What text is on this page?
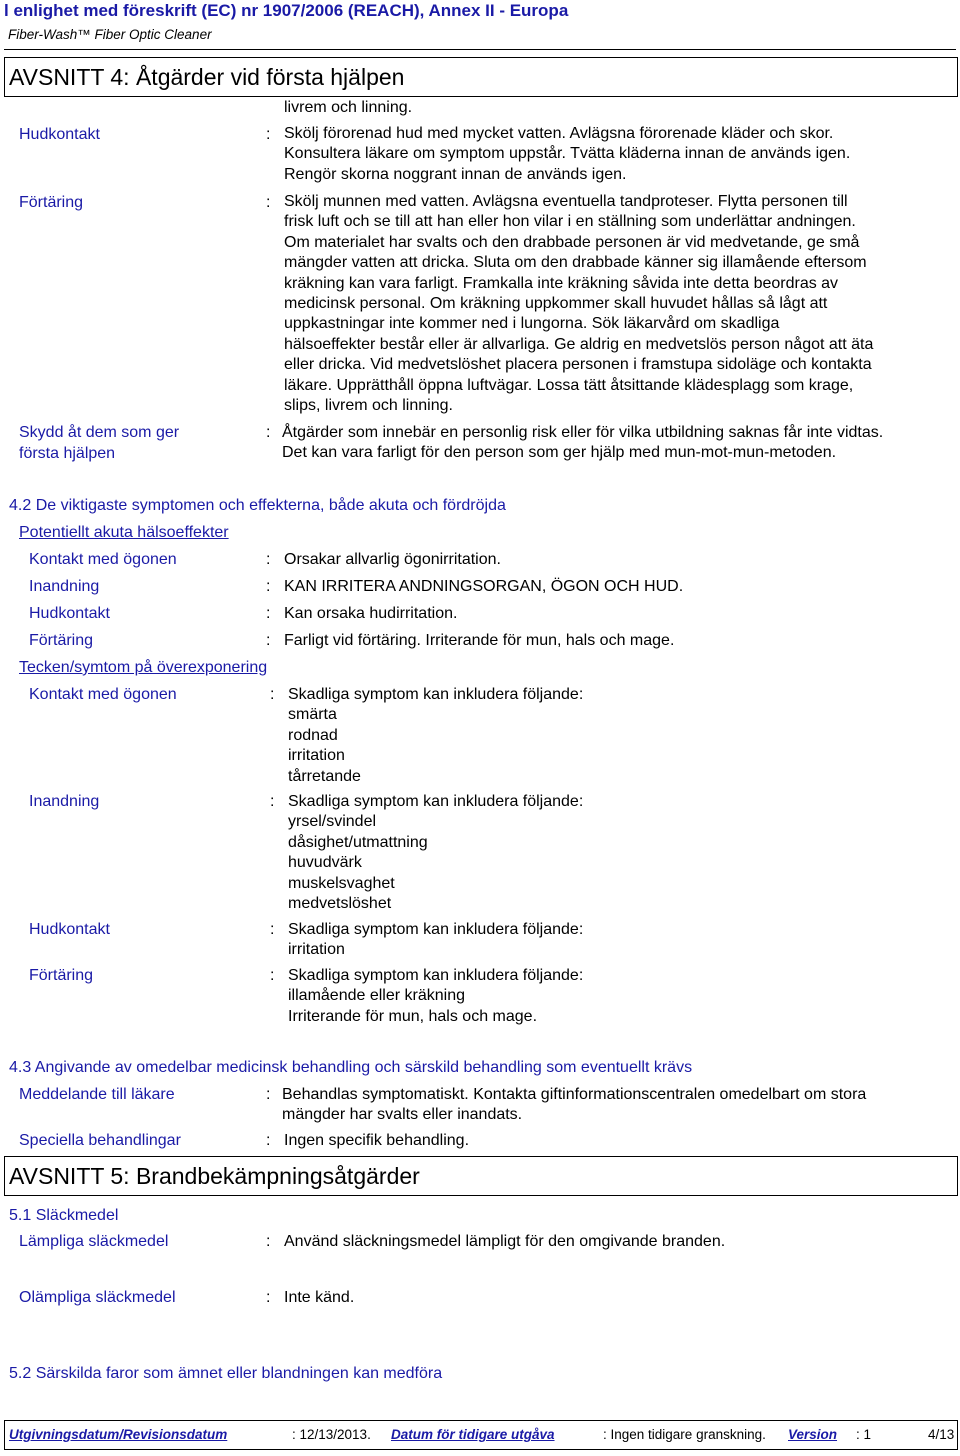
l enlighet med föreskrift (EC) nr 1907/2006 (REACH), Annex II - Europa
Fiber-Wash™ Fiber Optic Cleaner
AVSNITT 4: Åtgärder vid första hjälpen
livrem och linning.
Hudkontakt	: Skölj förorenad hud med mycket vatten. Avlägsna förorenade kläder och skor.
Konsultera läkare om symptom uppstår. Tvätta kläderna innan de används igen.
Rengör skorna noggrant innan de används igen.
Förtäring	: Skölj munnen med vatten. Avlägsna eventuella tandproteser. Flytta personen till
frisk luft och se till att han eller hon vilar i en ställning som underlättar andningen.
Om materialet har svalts och den drabbade personen är vid medvetande, ge små
mängder vatten att dricka. Sluta om den drabbade känner sig illamående eftersom
kräkning kan vara farligt. Framkalla inte kräkning såvida inte detta beordras av
medicinsk personal. Om kräkning uppkommer skall huvudet hållas så lågt att
uppkastningar inte kommer ned i lungorna. Sök läkarvård om skadliga
hälsoeffekter består eller är allvarliga. Ge aldrig en medvetslös person något att äta
eller dricka. Vid medvetslöshet placera personen i framstupa sidoläge och kontakta
läkare. Upprätthåll öppna luftvägar. Lossa tätt åtsittande klädesplagg som krage,
slips, livrem och linning.
Skydd åt dem som ger
första hjälpen
: Åtgärder som innebär en personlig risk eller för vilka utbildning saknas får inte vidtas.
Det kan vara farligt för den person som ger hjälp med mun-mot-mun-metoden.
4.2 De viktigaste symptomen och effekterna, både akuta och fördröjda
Potentiellt akuta hälsoeffekter
Kontakt med ögonen	: Orsakar allvarlig ögonirritation.
Inandning	: KAN IRRITERA ANDNINGSORGAN, ÖGON OCH HUD.
Hudkontakt	: Kan orsaka hudirritation.
Förtäring	: Farligt vid förtäring. Irriterande för mun, hals och mage.
Tecken/symtom på överexponering
Kontakt med ögonen	: Skadliga symptom kan inkludera följande:
smärta
rodnad
irritation
tårretande
Inandning	: Skadliga symptom kan inkludera följande:
yrsel/svindel
dåsighet/utmattning
huvudvärk
muskelsvaghet
medvetslöshet
Hudkontakt	: Skadliga symptom kan inkludera följande:
irritation
Förtäring	: Skadliga symptom kan inkludera följande:
illamående eller kräkning
Irriterande för mun, hals och mage.
4.3 Angivande av omedelbar medicinsk behandling och särskild behandling som eventuellt krävs
Meddelande till läkare	: Behandlas symptomatiskt. Kontakta giftinformationscentralen omedelbart om stora
mängder har svalts eller inandats.
Speciella behandlingar	: Ingen specifik behandling.
AVSNITT 5: Brandbekämpningsåtgärder
5.1 Släckmedel
Lämpliga släckmedel	: Använd släckningsmedel lämpligt för den omgivande branden.
Olämpliga släckmedel	: Inte känd.
5.2 Särskilda faror som ämnet eller blandningen kan medföra
Utgivningsdatum/Revisionsdatum	: 12/13/2013. Datum för tidigare utgåva	: Ingen tidigare granskning. Version : 1	4/13
